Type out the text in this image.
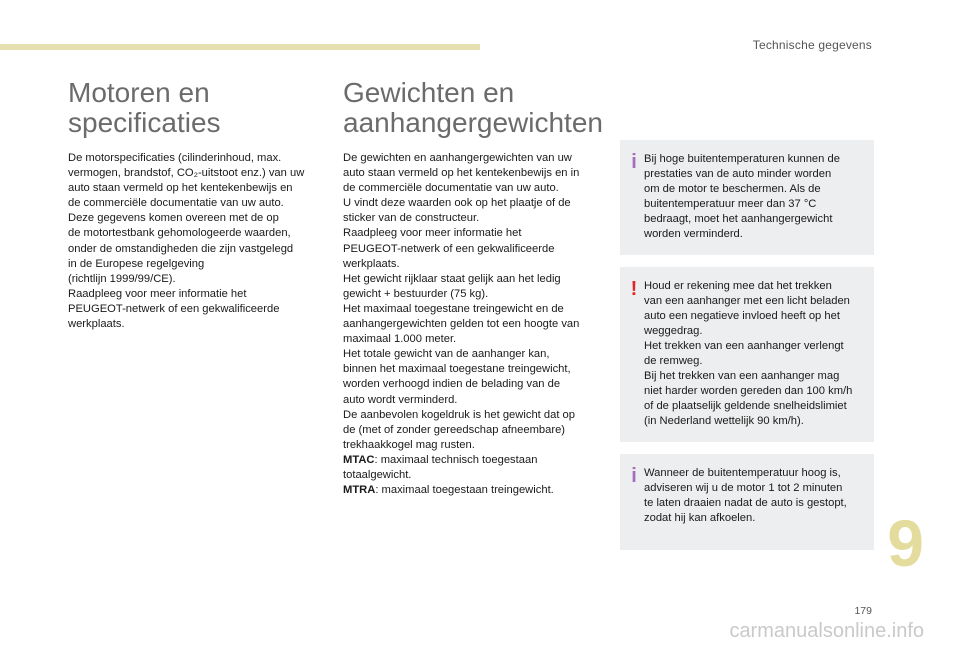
Technische gegevens
Motoren en
specificaties

De motorspecificaties (cilinderinhoud, max.

vermogen, brandstof, CO₂-uitstoot enz.) van uw

auto staan vermeld op het kentekenbewijs en

de commerciële documentatie van uw auto.

Deze gegevens komen overeen met de op

de motortestbank gehomologeerde waarden,

onder de omstandigheden die zijn vastgelegd

in de Europese regelgeving

(richtlijn 1999/99/CE).

Raadpleeg voor meer informatie het

PEUGEOT-netwerk of een gekwalificeerde

werkplaats.

Gewichten en
aanhangergewichten

De gewichten en aanhangergewichten van uw

auto staan vermeld op het kentekenbewijs en in

de commerciële documentatie van uw auto.

U vindt deze waarden ook op het plaatje of de

sticker van de constructeur.

Raadpleeg voor meer informatie het

PEUGEOT-netwerk of een gekwalificeerde

werkplaats.

Het gewicht rijklaar staat gelijk aan het ledig

gewicht + bestuurder (75 kg).

Het maximaal toegestane treingewicht en de

aanhangergewichten gelden tot een hoogte van

maximaal 1.000 meter.

Het totale gewicht van de aanhanger kan,

binnen het maximaal toegestane treingewicht,

worden verhoogd indien de belading van de

auto wordt verminderd.

De aanbevolen kogeldruk is het gewicht dat op

de (met of zonder gereedschap afneembare)

trekhaakkogel mag rusten.

MTAC: maximaal technisch toegestaan

totaalgewicht.

MTRA: maximaal toegestaan treingewicht.

i Bij hoge buitentemperaturen kunnen de

prestaties van de auto minder worden

om de motor te beschermen. Als de

buitentemperatuur meer dan 37 °C

bedraagt, moet het aanhangergewicht

worden verminderd.

! Houd er rekening mee dat het trekken

van een aanhanger met een licht beladen

auto een negatieve invloed heeft op het

weggedrag.

Het trekken van een aanhanger verlengt

de remweg.

Bij het trekken van een aanhanger mag

niet harder worden gereden dan 100 km/h

of de plaatselijk geldende snelheidslimiet

(in Nederland wettelijk 90 km/h).

i Wanneer de buitentemperatuur hoog is,

adviseren wij u de motor 1 tot 2 minuten

te laten draaien nadat de auto is gestopt,

zodat hij kan afkoelen.	9
179
carmanualsonline.info
